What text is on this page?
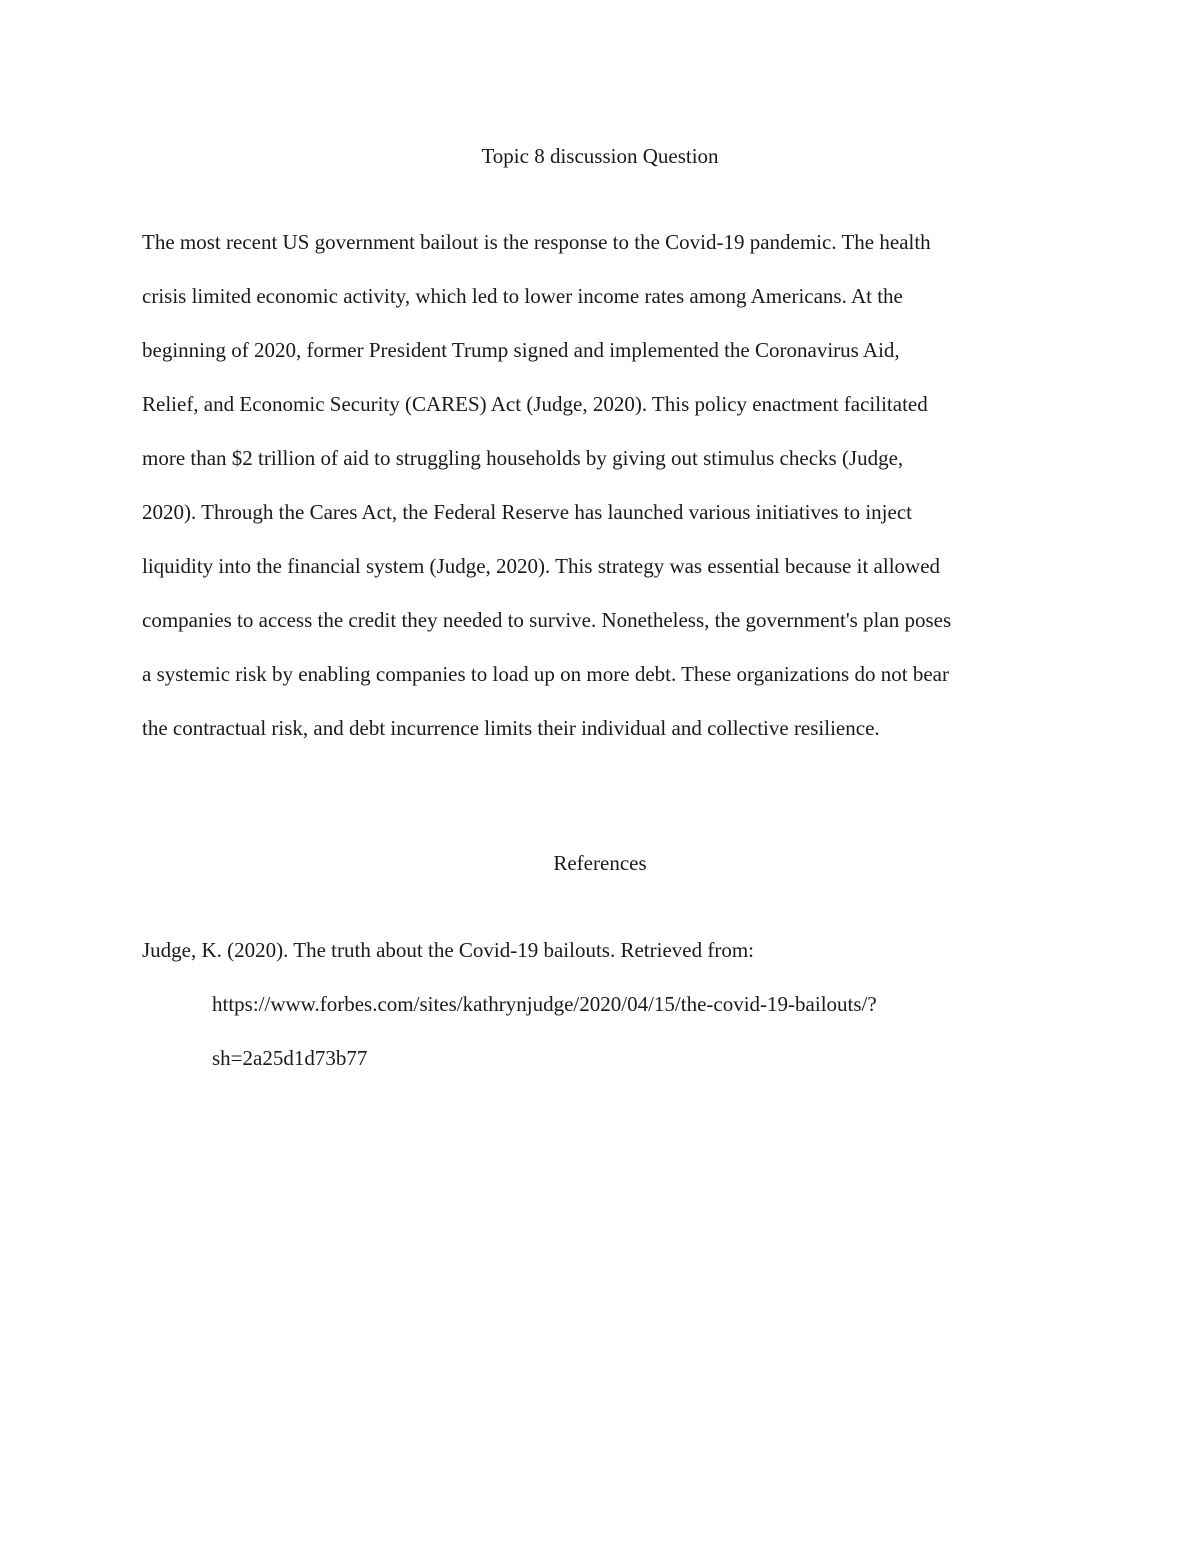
Topic 8 discussion Question
The most recent US government bailout is the response to the Covid-19 pandemic. The health
crisis limited economic activity, which led to lower income rates among Americans. At the
beginning of 2020, former President Trump signed and implemented the Coronavirus Aid,
Relief, and Economic Security (CARES) Act (Judge, 2020). This policy enactment facilitated
more than $2 trillion of aid to struggling households by giving out stimulus checks (Judge,
2020). Through the Cares Act, the Federal Reserve has launched various initiatives to inject
liquidity into the financial system (Judge, 2020). This strategy was essential because it allowed
companies to access the credit they needed to survive. Nonetheless, the government's plan poses
a systemic risk by enabling companies to load up on more debt. These organizations do not bear
the contractual risk, and debt incurrence limits their individual and collective resilience.
References
Judge, K. (2020). The truth about the Covid-19 bailouts. Retrieved from:
https://www.forbes.com/sites/kathrynjudge/2020/04/15/the-covid-19-bailouts/?
sh=2a25d1d73b77
